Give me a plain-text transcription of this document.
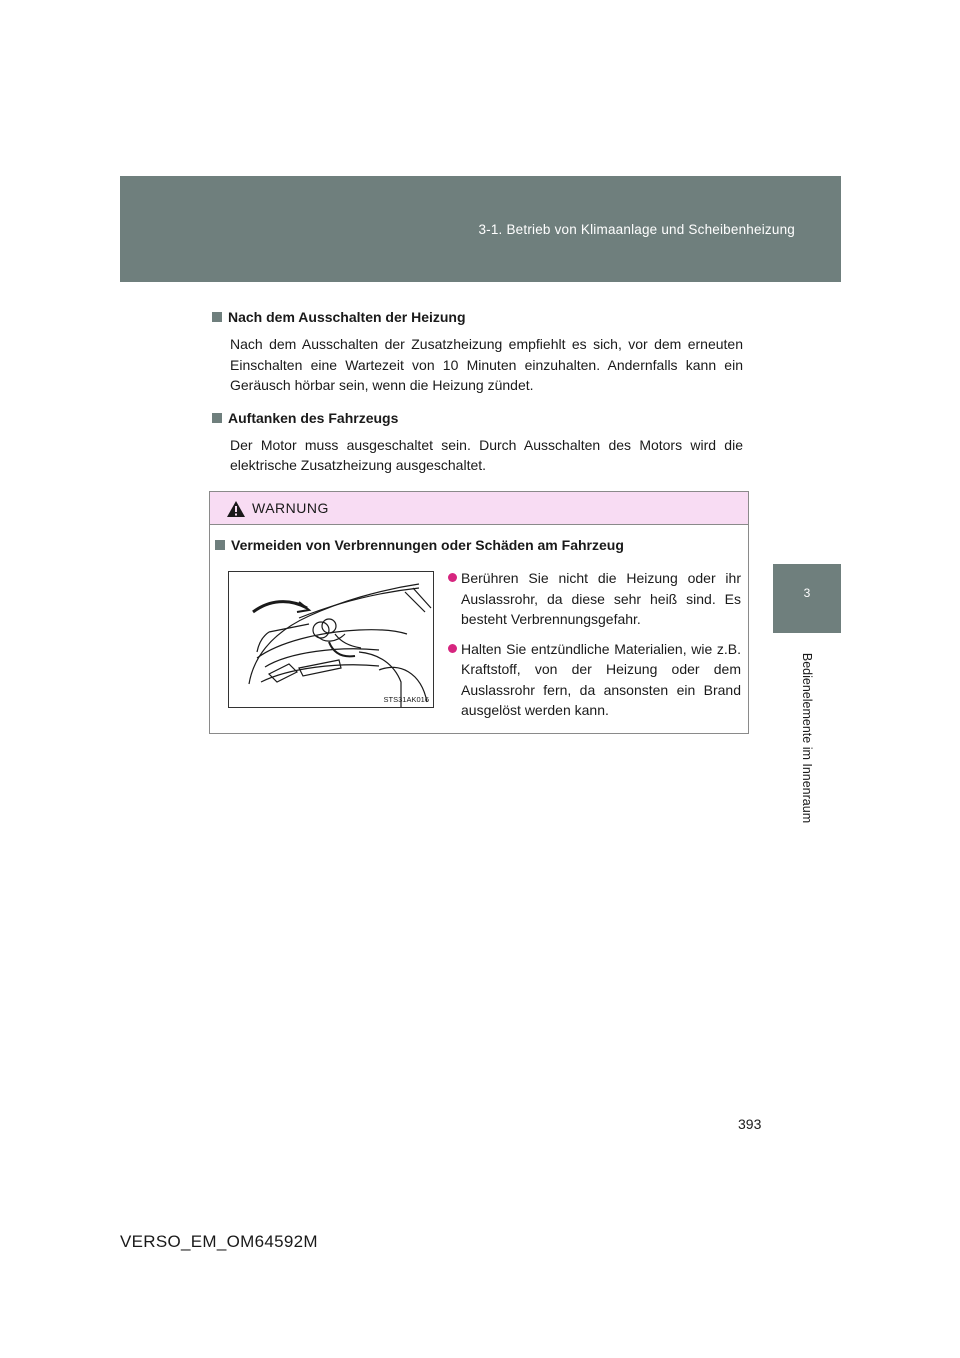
3-1. Betrieb von Klimaanlage und Scheibenheizung
3
Bedienelemente im Innenraum
Nach dem Ausschalten der Heizung

Nach dem Ausschalten der Zusatzheizung empfiehlt es sich, vor dem erneuten Einschalten eine Wartezeit von 10 Minuten einzuhalten. Andernfalls kann ein Geräusch hörbar sein, wenn die Heizung zündet.

Auftanken des Fahrzeugs

Der Motor muss ausgeschaltet sein. Durch Ausschalten des Motors wird die elektrische Zusatzheizung ausgeschaltet.

WARNUNG
Vermeiden von Verbrennungen oder Schäden am Fahrzeug
STS31AK016
Berühren Sie nicht die Heizung oder ihr Auslassrohr, da diese sehr heiß sind. Es besteht Verbrennungsgefahr.
Halten Sie entzündliche Materialien, wie z.B. Kraftstoff, von der Heizung oder dem Auslassrohr fern, da ansonsten ein Brand ausgelöst werden kann.
393
VERSO_EM_OM64592M
